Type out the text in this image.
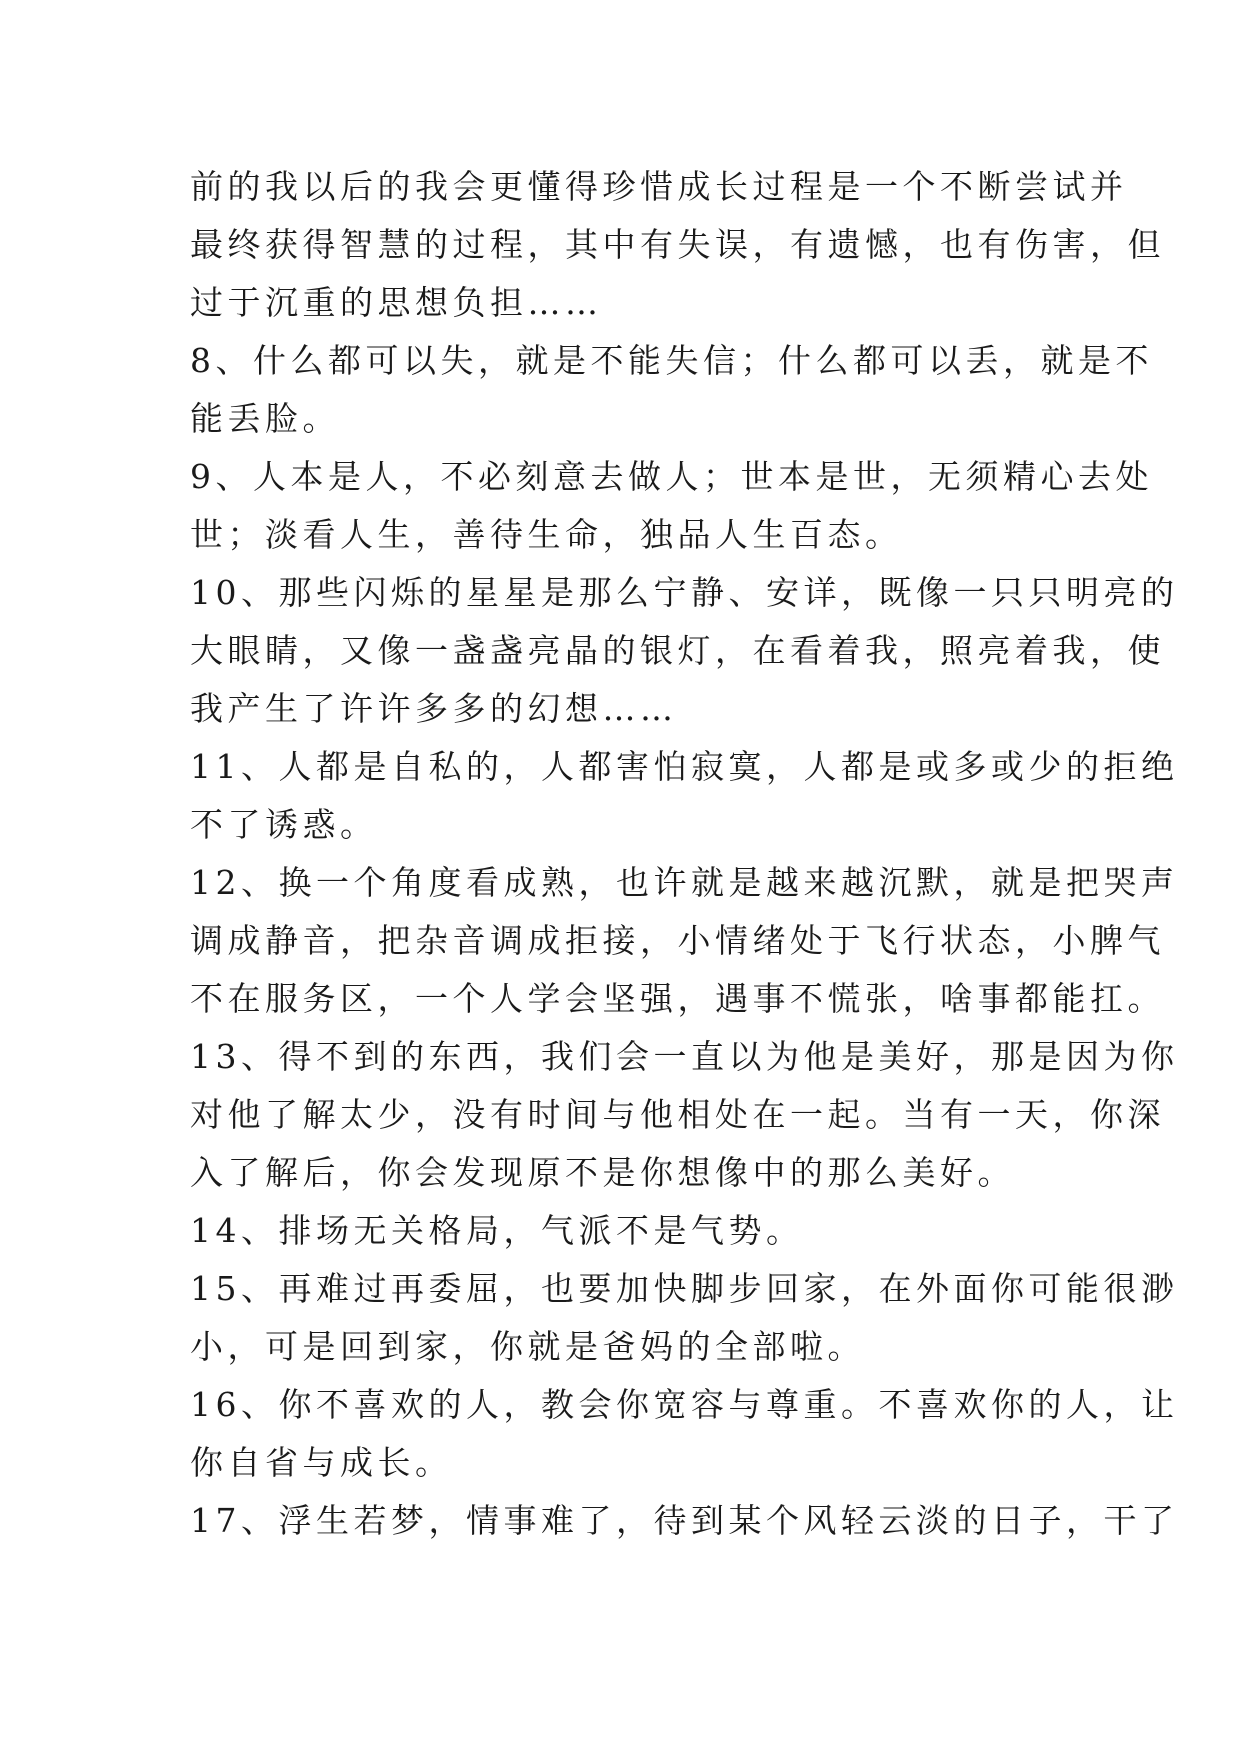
前的我以后的我会更懂得珍惜成长过程是一个不断尝试并
最终获得智慧的过程，其中有失误，有遗憾，也有伤害，但
过于沉重的思想负担……
8、什么都可以失，就是不能失信；什么都可以丢，就是不
能丢脸。
9、人本是人，不必刻意去做人；世本是世，无须精心去处
世；淡看人生，善待生命，独品人生百态。
10、那些闪烁的星星是那么宁静、安详，既像一只只明亮的
大眼睛，又像一盏盏亮晶的银灯，在看着我，照亮着我，使
我产生了许许多多的幻想……
11、人都是自私的，人都害怕寂寞，人都是或多或少的拒绝
不了诱惑。
12、换一个角度看成熟，也许就是越来越沉默，就是把哭声
调成静音，把杂音调成拒接，小情绪处于飞行状态，小脾气
不在服务区，一个人学会坚强，遇事不慌张，啥事都能扛。
13、得不到的东西，我们会一直以为他是美好，那是因为你
对他了解太少，没有时间与他相处在一起。当有一天，你深
入了解后，你会发现原不是你想像中的那么美好。
14、排场无关格局，气派不是气势。
15、再难过再委屈，也要加快脚步回家，在外面你可能很渺
小，可是回到家，你就是爸妈的全部啦。
16、你不喜欢的人，教会你宽容与尊重。不喜欢你的人，让
你自省与成长。
17、浮生若梦，情事难了，待到某个风轻云淡的日子，干了
